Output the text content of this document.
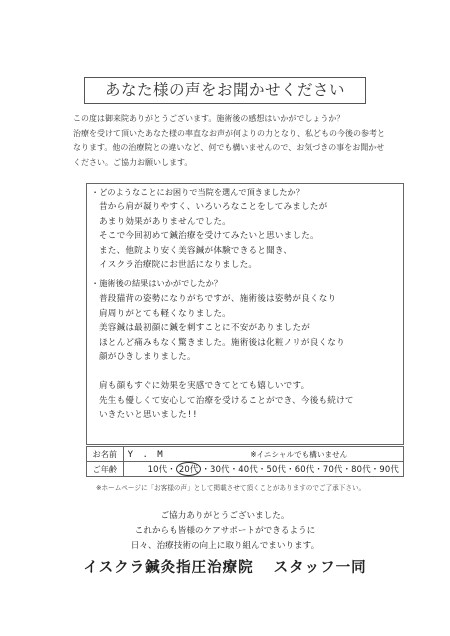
あなた様の声をお聞かせください
この度は御来院ありがとうございます。施術後の感想はいかがでしょうか？
治療を受けて頂いたあなた様の率直なお声が何よりの力となり、私どもの今後の参考と
なります。他の治療院との違いなど、何でも構いませんので、お気づきの事をお聞かせ
ください。ご協力お願いします。
・どのようなことにお困りで当院を選んで頂きましたか？
昔から肩が凝りやすく、いろいろなことをしてみましたが
あまり効果がありませんでした。
そこで今回初めて鍼治療を受けてみたいと思いました。
また、他院より安く美容鍼が体験できると聞き、
イスクラ治療院にお世話になりました。
・施術後の結果はいかがでしたか？
普段猫背の姿勢になりがちですが、施術後は姿勢が良くなり
肩周りがとても軽くなりました。
美容鍼は最初顔に鍼を刺すことに不安がありましたが
ほとんど痛みもなく驚きました。施術後は化粧ノリが良くなり
顔がひきしまりました。
肩も顔もすぐに効果を実感できてとても嬉しいです。
先生も優しくて安心して治療を受けることができ、今後も続けて
いきたいと思いました!!
お名前	Y . M ※イニシャルでも構いません
ご年齢	10代・ 20代 ・30代・40代・50代・60代・70代・80代・90代
※ホームページに「お客様の声」として掲載させて頂くことがありますのでご了承下さい。
ご協力ありがとうございました。
これからも皆様のケアサポートができるように
日々、治療技術の向上に取り組んでまいります。
イスクラ鍼灸指圧治療院 スタッフ一同
